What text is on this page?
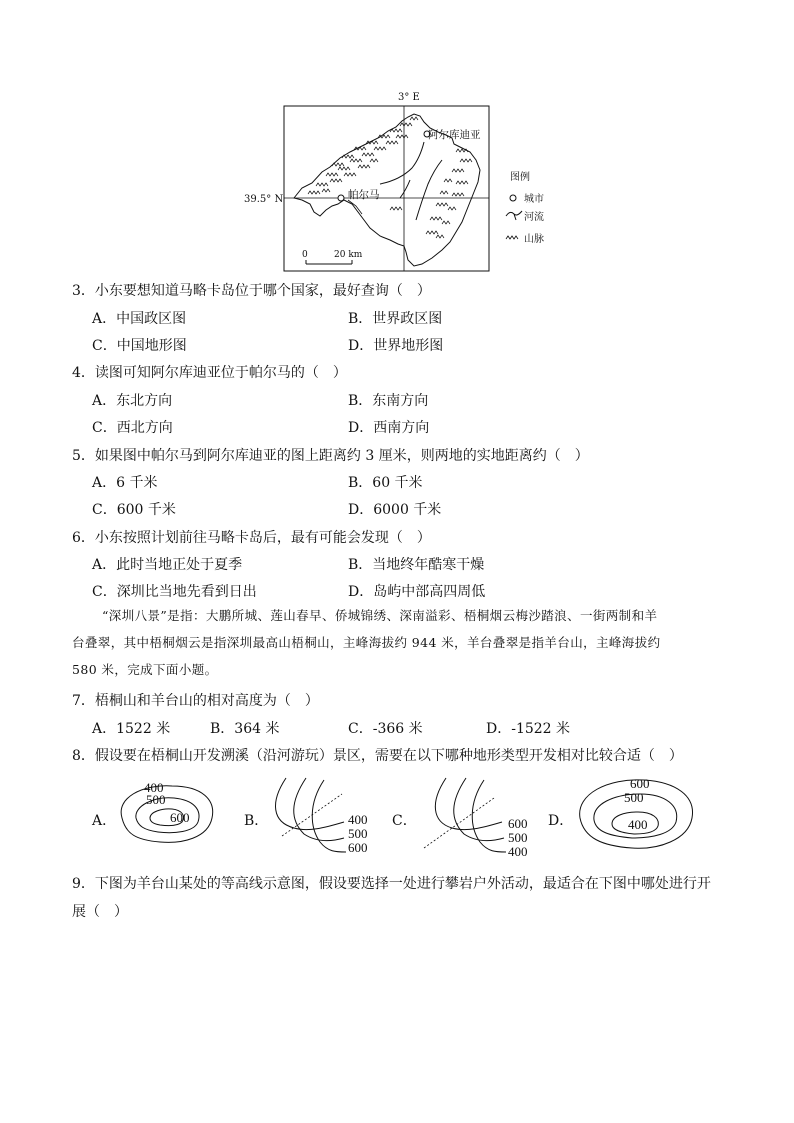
3° E
39.5° N
阿尔库迪亚
帕尔马
0	20 km
图例
城市
河流
山脉
3．小东要想知道马略卡岛位于哪个国家，最好查询（　）
A．中国政区图	B．世界政区图
C．中国地形图	D．世界地形图
4．读图可知阿尔库迪亚位于帕尔马的（　）
A．东北方向	B．东南方向
C．西北方向	D．西南方向
5．如果图中帕尔马到阿尔库迪亚的图上距离约 3 厘米，则两地的实地距离约（　）
A．6 千米	B．60 千米
C．600 千米	D．6000 千米
6．小东按照计划前往马略卡岛后，最有可能会发现（　）
A．此时当地正处于夏季	B．当地终年酷寒干燥
C．深圳比当地先看到日出	D．岛屿中部高四周低
“深圳八景”是指：大鹏所城、莲山春早、侨城锦绣、深南溢彩、梧桐烟云梅沙踏浪、一街两制和羊
台叠翠，其中梧桐烟云是指深圳最高山梧桐山，主峰海拔约 944 米，羊台叠翠是指羊台山，主峰海拔约
580 米，完成下面小题。
7．梧桐山和羊台山的相对高度为（　）
A．1522 米	B．364 米	C．-366 米	D．-1522 米
8．假设要在梧桐山开发溯溪（沿河游玩）景区，需要在以下哪种地形类型开发相对比较合适（　）
A．
400
500
600	B．	400
500
600
C．	600
500
400
D．
600
500
400
9．下图为羊台山某处的等高线示意图，假设要选择一处进行攀岩户外活动，最适合在下图中哪处进行开
展（　）
